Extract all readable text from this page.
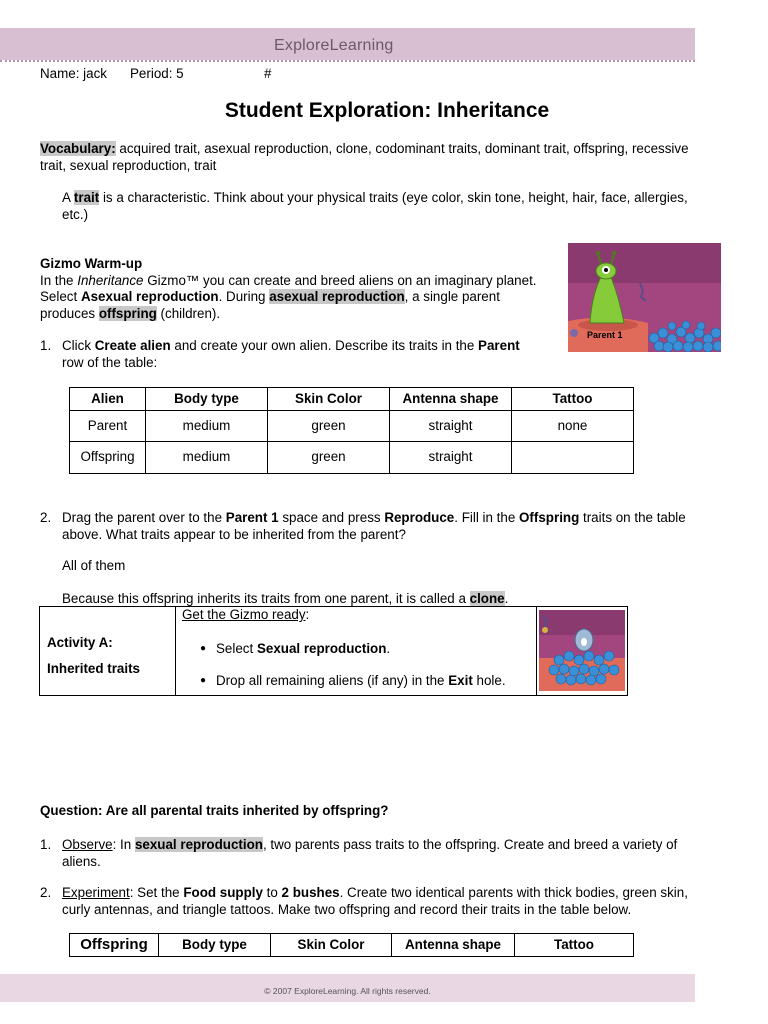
ExploreLearning
Name: jack Period: 5	#
Student Exploration: Inheritance
Vocabulary: acquired trait, asexual reproduction, clone, codominant traits, dominant trait, offspring, recessive
trait, sexual reproduction, trait
A trait is a characteristic. Think about your physical traits (eye color, skin tone, height, hair, face, allergies,
etc.)
Gizmo Warm-up
In the Inheritance Gizmo™ you can create and breed aliens on an imaginary planet.
Select Asexual reproduction. During asexual reproduction, a single parent
produces offspring (children).
Parent 1
1. Click Create alien and create your own alien. Describe its traits in the Parent
row of the table:
Alien	Body type	Skin Color	Antenna shape	Tattoo
Parent	medium	green	straight	none
Offspring	medium	green	straight	
2. Drag the parent over to the Parent 1 space and press Reproduce. Fill in the Offspring traits on the table
above. What traits appear to be inherited from the parent?
All of them
Because this offspring inherits its traits from one parent, it is called a clone.
Activity A:
Inherited traits
Get the Gizmo ready:
● Select Sexual reproduction.
● Drop all remaining aliens (if any) in the Exit hole.
Question: Are all parental traits inherited by offspring?
1. Observe: In sexual reproduction, two parents pass traits to the offspring. Create and breed a variety of
aliens.
2. Experiment: Set the Food supply to 2 bushes. Create two identical parents with thick bodies, green skin,
curly antennas, and triangle tattoos. Make two offspring and record their traits in the table below.
Offspring	Body type	Skin Color	Antenna shape	Tattoo
© 2007 ExploreLearning. All rights reserved.
